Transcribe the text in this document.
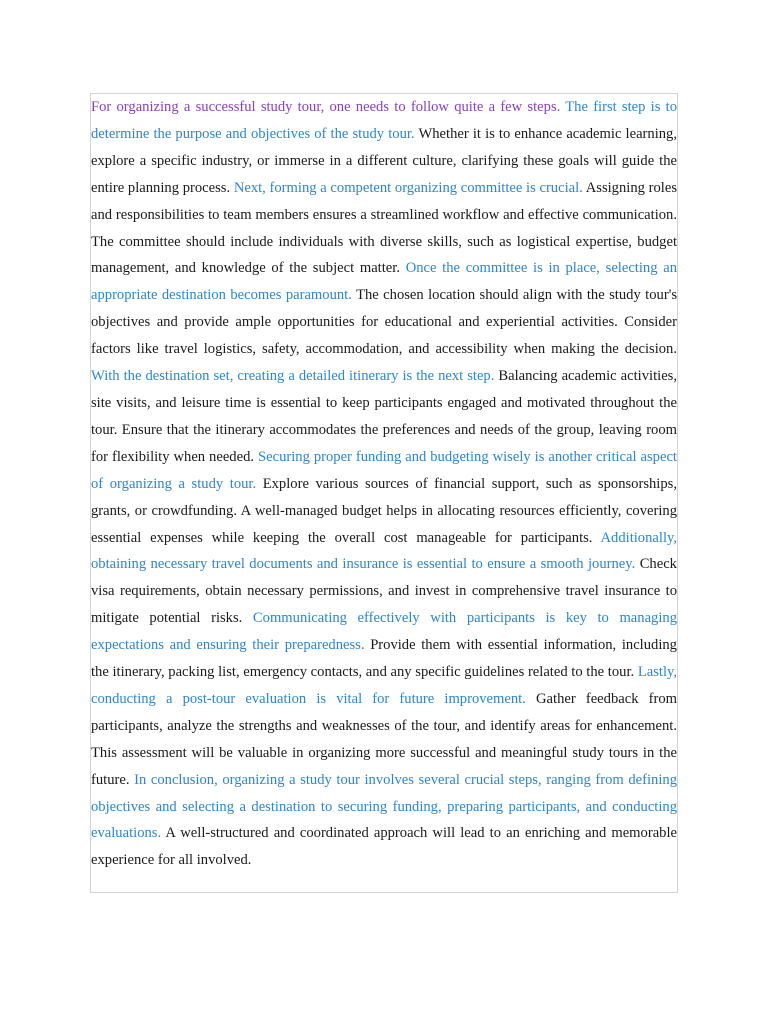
For organizing a successful study tour, one needs to follow quite a few steps. The first step is to determine the purpose and objectives of the study tour. Whether it is to enhance academic learning, explore a specific industry, or immerse in a different culture, clarifying these goals will guide the entire planning process. Next, forming a competent organizing committee is crucial. Assigning roles and responsibilities to team members ensures a streamlined workflow and effective communication. The committee should include individuals with diverse skills, such as logistical expertise, budget management, and knowledge of the subject matter. Once the committee is in place, selecting an appropriate destination becomes paramount. The chosen location should align with the study tour's objectives and provide ample opportunities for educational and experiential activities. Consider factors like travel logistics, safety, accommodation, and accessibility when making the decision. With the destination set, creating a detailed itinerary is the next step. Balancing academic activities, site visits, and leisure time is essential to keep participants engaged and motivated throughout the tour. Ensure that the itinerary accommodates the preferences and needs of the group, leaving room for flexibility when needed. Securing proper funding and budgeting wisely is another critical aspect of organizing a study tour. Explore various sources of financial support, such as sponsorships, grants, or crowdfunding. A well-managed budget helps in allocating resources efficiently, covering essential expenses while keeping the overall cost manageable for participants. Additionally, obtaining necessary travel documents and insurance is essential to ensure a smooth journey. Check visa requirements, obtain necessary permissions, and invest in comprehensive travel insurance to mitigate potential risks. Communicating effectively with participants is key to managing expectations and ensuring their preparedness. Provide them with essential information, including the itinerary, packing list, emergency contacts, and any specific guidelines related to the tour. Lastly, conducting a post-tour evaluation is vital for future improvement. Gather feedback from participants, analyze the strengths and weaknesses of the tour, and identify areas for enhancement. This assessment will be valuable in organizing more successful and meaningful study tours in the future. In conclusion, organizing a study tour involves several crucial steps, ranging from defining objectives and selecting a destination to securing funding, preparing participants, and conducting evaluations. A well-structured and coordinated approach will lead to an enriching and memorable experience for all involved.
